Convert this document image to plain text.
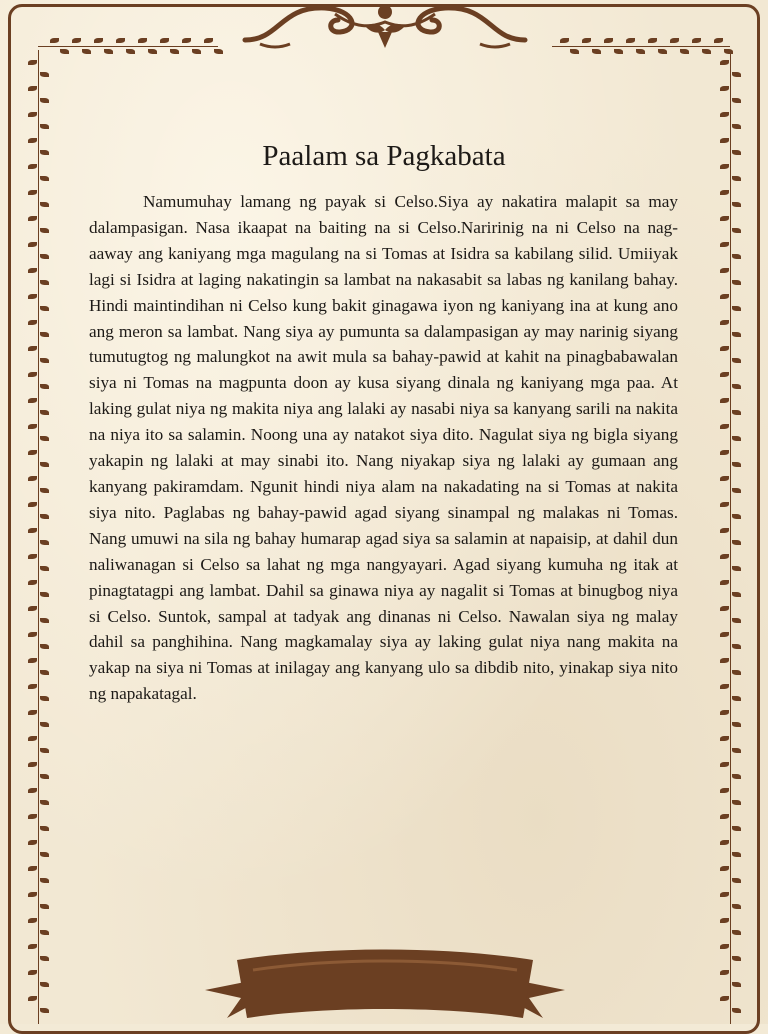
Paalam sa Pagkabata

Namumuhay lamang ng payak si Celso.Siya ay nakatira malapit sa may dalampasigan. Nasa ikaapat na baiting na si Celso.Naririnig na ni Celso na nag-aaway ang kaniyang mga magulang na si Tomas at Isidra sa kabilang silid. Umiiyak lagi si Isidra at laging nakatingin sa lambat na nakasabit sa labas ng kanilang bahay. Hindi maintindihan ni Celso kung bakit ginagawa iyon ng kaniyang ina at kung ano ang meron sa lambat. Nang siya ay pumunta sa dalampasigan ay may narinig siyang tumutugtog ng malungkot na awit mula sa bahay-pawid at kahit na pinagbabawalan siya ni Tomas na magpunta doon ay kusa siyang dinala ng kaniyang mga paa. At laking gulat niya ng makita niya ang lalaki ay nasabi niya sa kanyang sarili na nakita na niya ito sa salamin. Noong una ay natakot siya dito. Nagulat siya ng bigla siyang yakapin ng lalaki at may sinabi ito. Nang niyakap siya ng lalaki ay gumaan ang kanyang pakiramdam. Ngunit hindi niya alam na nakadating na si Tomas at nakita siya nito. Paglabas ng bahay-pawid agad siyang sinampal ng malakas ni Tomas. Nang umuwi na sila ng bahay humarap agad siya sa salamin at napaisip, at dahil dun naliwanagan si Celso sa lahat ng mga nangyayari. Agad siyang kumuha ng itak at pinagtatagpi ang lambat. Dahil sa ginawa niya ay nagalit si Tomas at binugbog niya si Celso. Suntok, sampal at tadyak ang dinanas ni Celso. Nawalan siya ng malay dahil sa panghihina. Nang magkamalay siya ay laking gulat niya nang makita na yakap na siya ni Tomas at inilagay ang kanyang ulo sa dibdib nito, yinakap siya nito ng napakatagal.
